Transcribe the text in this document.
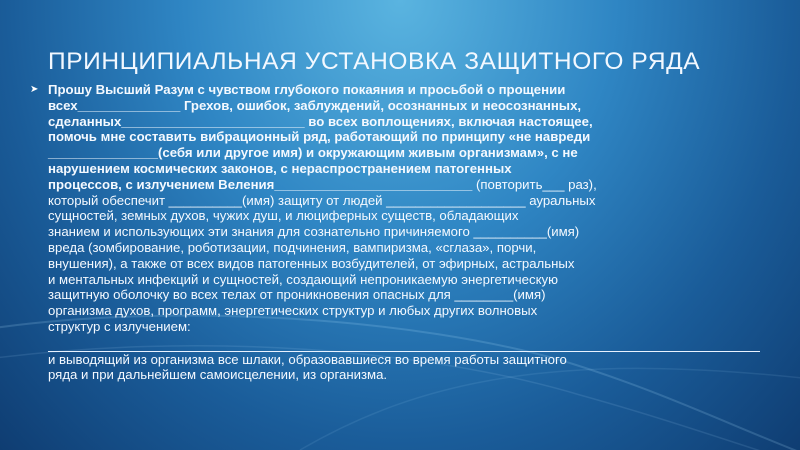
ПРИНЦИПИАЛЬНАЯ УСТАНОВКА ЗАЩИТНОГО РЯДА
➤ Прошу Высший Разум с чувством глубокого покаяния и просьбой о прощении
всех______________ Грехов, ошибок, заблуждений, осознанных и неосознанных,
сделанных_________________________ во всех воплощениях, включая настоящее,
помочь мне составить вибрационный ряд, работающий по принципу «не навреди
_______________(себя или другое имя) и окружающим живым организмам», с не
нарушением космических законов, с нераспространением патогенных
процессов, с излучением Веления___________________________ (повторить___ раз),
который обеспечит __________(имя) защиту от людей ___________________ ауральных
сущностей, земных духов, чужих душ, и люциферных существ, обладающих
знанием и использующих эти знания для сознательно причиняемого __________(имя)
вреда (зомбирование, роботизации, подчинения, вампиризма, «сглаза», порчи,
внушения), а также от всех видов патогенных возбудителей, от эфирных, астральных
и ментальных инфекций и сущностей, создающий непроникаемую энергетическую
защитную оболочку во всех телах от проникновения опасных для ________(имя)
организма духов, программ, энергетических структур и любых других волновых
структур с излучением:
и выводящий из организма все шлаки, образовавшиеся во время работы защитного
ряда и при дальнейшем самоисцелении, из организма.
